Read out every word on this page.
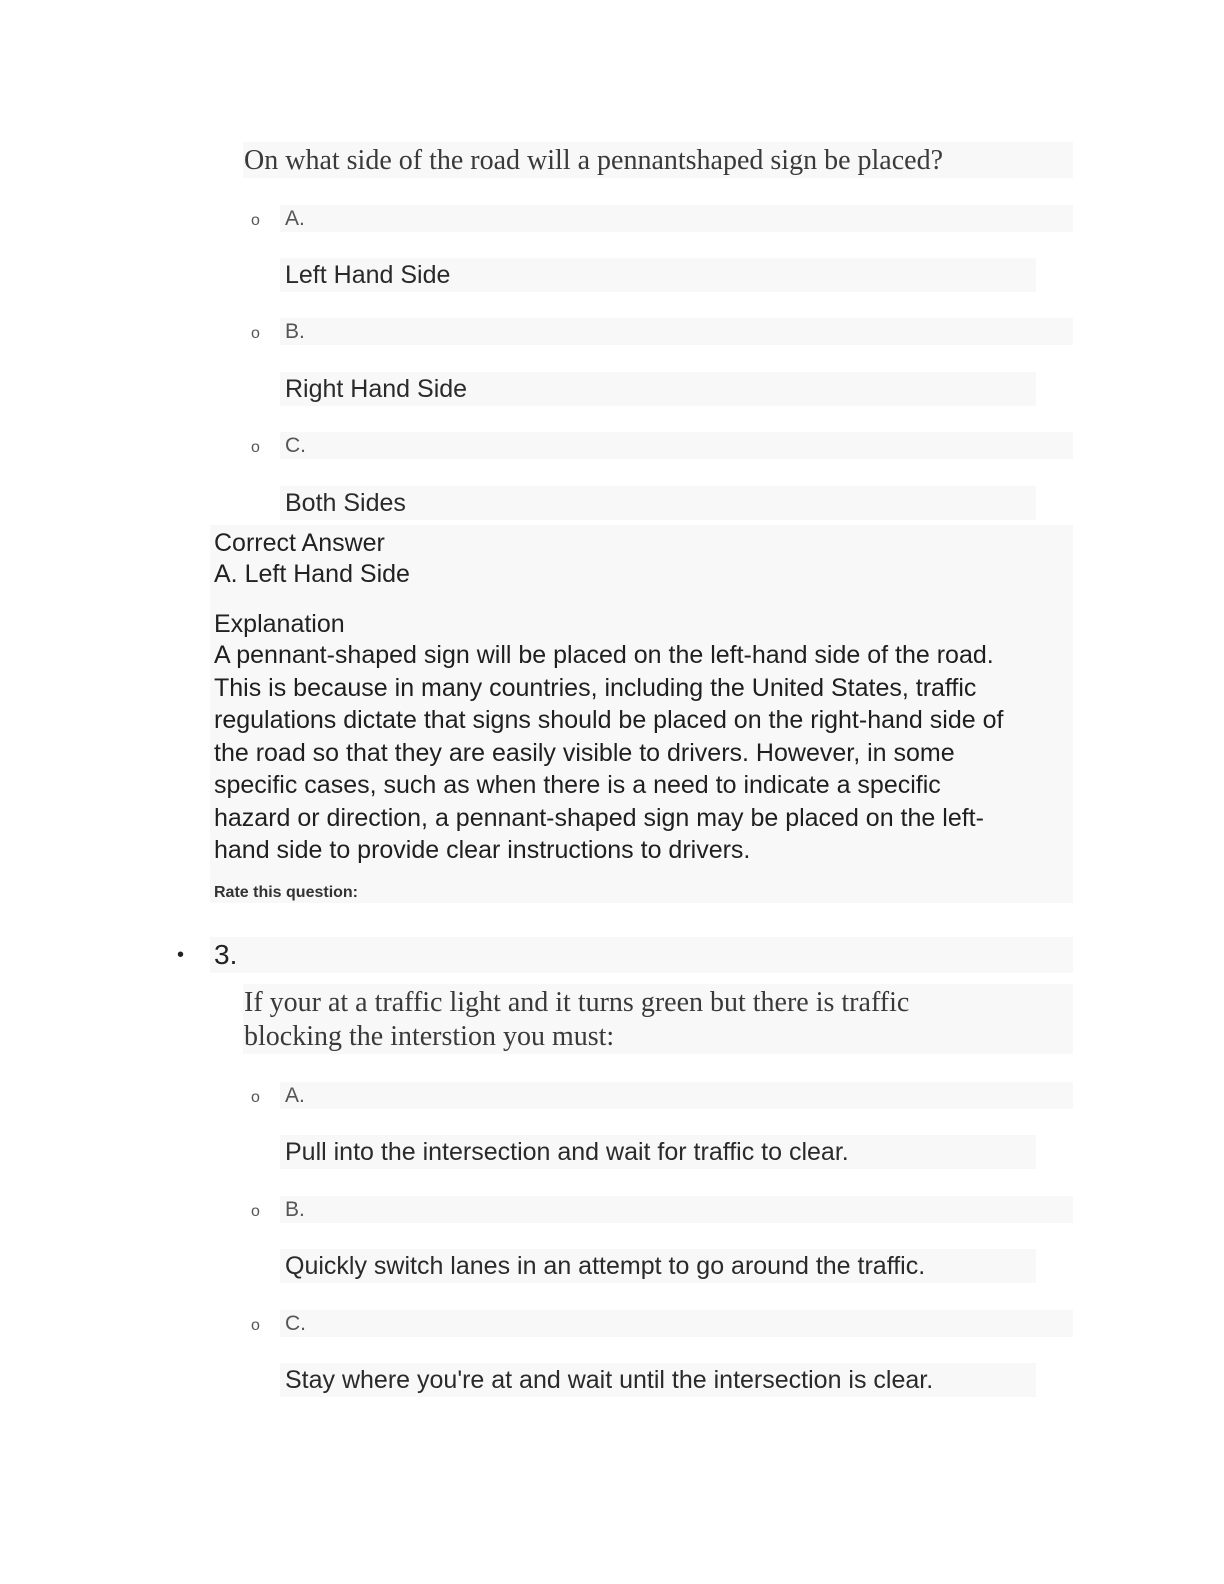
On what side of the road will a pennantshaped sign be placed?
o A.
Left Hand Side
o B.
Right Hand Side
o C.
Both Sides
Correct Answer
A. Left Hand Side
Explanation
A pennant-shaped sign will be placed on the left-hand side of the road.
This is because in many countries, including the United States, traffic
regulations dictate that signs should be placed on the right-hand side of
the road so that they are easily visible to drivers. However, in some
specific cases, such as when there is a need to indicate a specific
hazard or direction, a pennant-shaped sign may be placed on the left-
hand side to provide clear instructions to drivers.
Rate this question:
• 3.
If your at a traffic light and it turns green but there is traffic
blocking the interstion you must:
o A.
Pull into the intersection and wait for traffic to clear.
o B.
Quickly switch lanes in an attempt to go around the traffic.
o C.
Stay where you're at and wait until the intersection is clear.
